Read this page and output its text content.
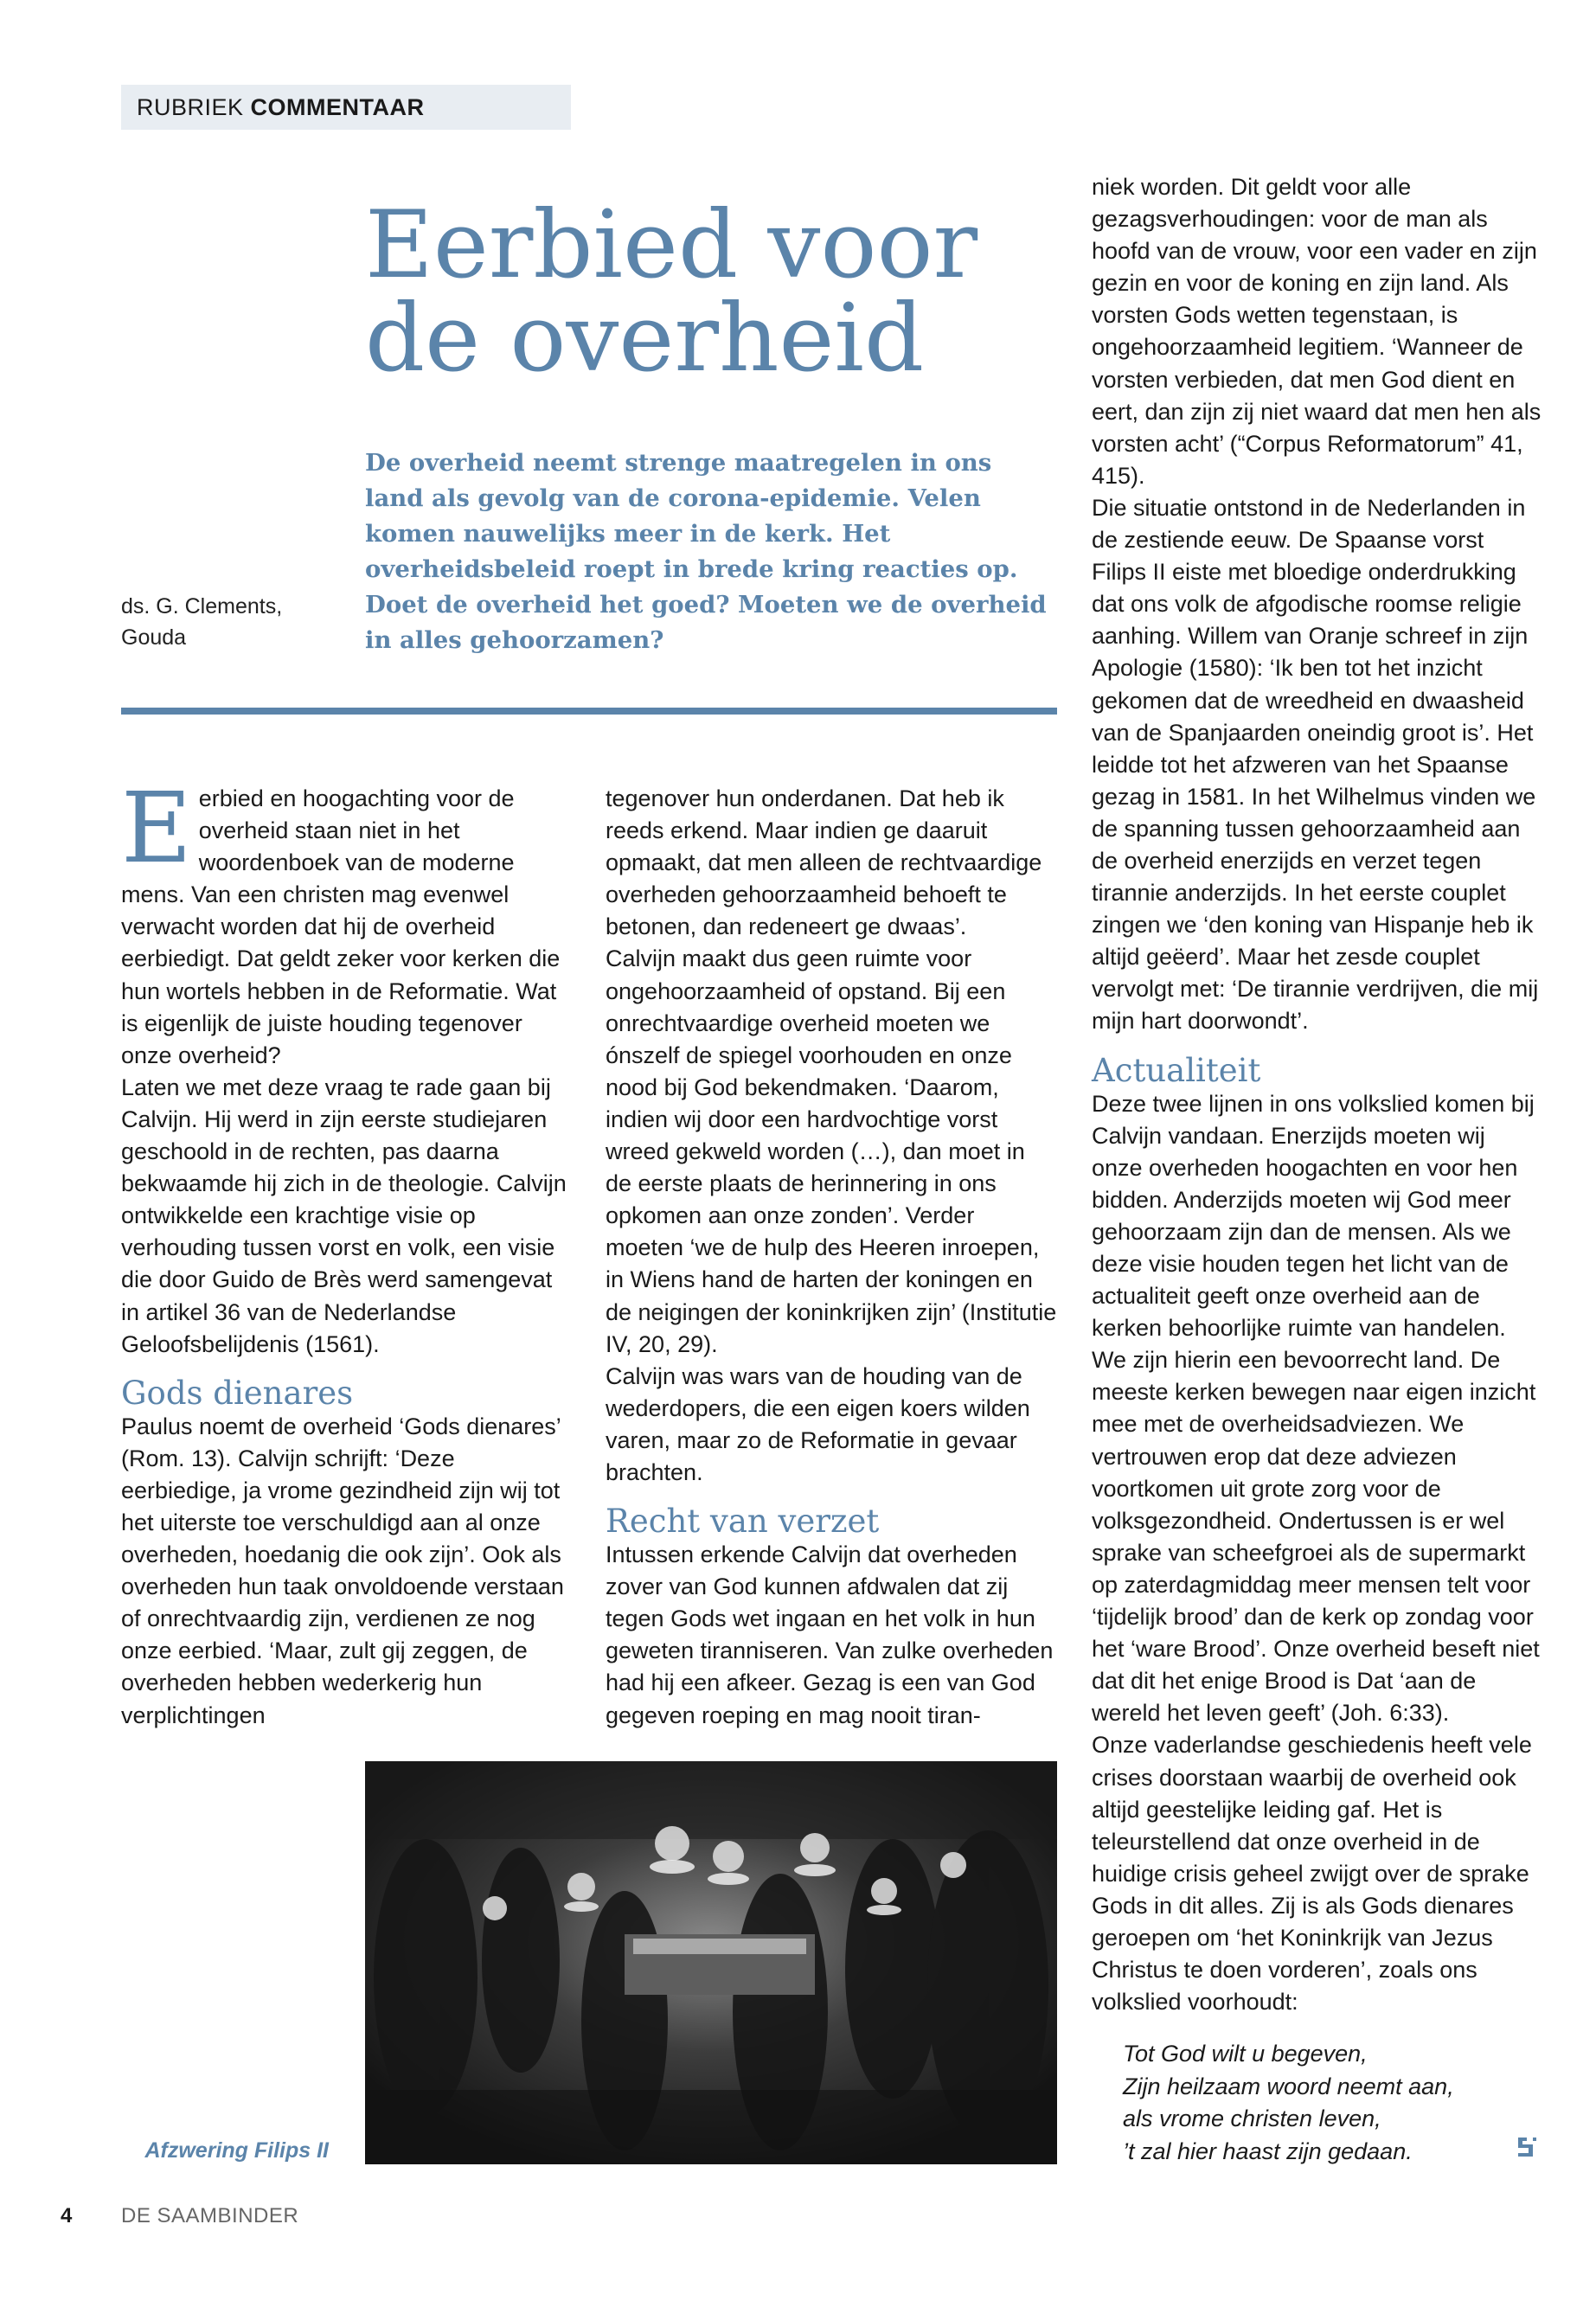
RUBRIEK COMMENTAAR
Eerbied voor
de overheid
De overheid neemt strenge maatregelen in ons land als gevolg van de corona-epidemie. Velen komen nauwelijks meer in de kerk. Het overheidsbeleid roept in brede kring reacties op. Doet de overheid het goed? Moeten we de overheid in alles gehoorzamen?
ds. G. Clements,
Gouda

Eerbied en hoogachting voor de overheid staan niet in het woordenboek van de moderne mens. Van een christen mag evenwel verwacht worden dat hij de overheid eerbiedigt. Dat geldt zeker voor kerken die hun wortels hebben in de Reformatie. Wat is eigenlijk de juiste houding tegenover onze overheid?

Laten we met deze vraag te rade gaan bij Calvijn. Hij werd in zijn eerste studiejaren geschoold in de rechten, pas daarna bekwaamde hij zich in de theologie. Calvijn ontwikkelde een krachtige visie op verhouding tussen vorst en volk, een visie die door Guido de Brès werd samengevat in artikel 36 van de Nederlandse Geloofsbelijdenis (1561).

Gods dienares

Paulus noemt de overheid ‘Gods dienares’ (Rom. 13). Calvijn schrijft: ‘Deze eerbiedige, ja vrome gezindheid zijn wij tot het uiterste toe verschuldigd aan al onze overheden, hoedanig die ook zijn’. Ook als overheden hun taak onvoldoende verstaan of onrechtvaardig zijn, verdienen ze nog onze eerbied. ‘Maar, zult gij zeggen, de overheden hebben wederkerig hun verplichtingen

tegenover hun onderdanen. Dat heb ik reeds erkend. Maar indien ge daaruit opmaakt, dat men alleen de rechtvaardige overheden gehoorzaamheid behoeft te betonen, dan redeneert ge dwaas’.

Calvijn maakt dus geen ruimte voor ongehoorzaamheid of opstand. Bij een onrechtvaardige overheid moeten we ónszelf de spiegel voorhouden en onze nood bij God bekendmaken. ‘Daarom, indien wij door een hardvochtige vorst wreed gekweld worden (…), dan moet in de eerste plaats de herinnering in ons opkomen aan onze zonden’. Verder moeten ‘we de hulp des Heeren inroepen, in Wiens hand de harten der koningen en de neigingen der koninkrijken zijn’ (Institutie IV, 20, 29).

Calvijn was wars van de houding van de wederdopers, die een eigen koers wilden varen, maar zo de Reformatie in gevaar brachten.

Recht van verzet

Intussen erkende Calvijn dat overheden zover van God kunnen afdwalen dat zij tegen Gods wet ingaan en het volk in hun geweten tiranniseren. Van zulke overheden had hij een afkeer. Gezag is een van God gegeven roeping en mag nooit tiran-

niek worden. Dit geldt voor alle gezagsverhoudingen: voor de man als hoofd van de vrouw, voor een vader en zijn gezin en voor de koning en zijn land. Als vorsten Gods wetten tegenstaan, is ongehoorzaamheid legitiem. ‘Wanneer de vorsten verbieden, dat men God dient en eert, dan zijn zij niet waard dat men hen als vorsten acht’ (“Corpus Reformatorum” 41, 415).

Die situatie ontstond in de Nederlanden in de zestiende eeuw. De Spaanse vorst Filips II eiste met bloedige onderdrukking dat ons volk de afgodische roomse religie aanhing. Willem van Oranje schreef in zijn Apologie (1580): ‘Ik ben tot het inzicht gekomen dat de wreedheid en dwaasheid van de Spanjaarden oneindig groot is’. Het leidde tot het afzweren van het Spaanse gezag in 1581. In het Wilhelmus vinden we de spanning tussen gehoorzaamheid aan de overheid enerzijds en verzet tegen tirannie anderzijds. In het eerste couplet zingen we ‘den koning van Hispanje heb ik altijd geëerd’. Maar het zesde couplet vervolgt met: ‘De tirannie verdrijven, die mij mijn hart doorwondt’.

Actualiteit

Deze twee lijnen in ons volkslied komen bij Calvijn vandaan. Enerzijds moeten wij onze overheden hoogachten en voor hen bidden. Anderzijds moeten wij God meer gehoorzaam zijn dan de mensen. Als we deze visie houden tegen het licht van de actualiteit geeft onze overheid aan de kerken behoorlijke ruimte van handelen. We zijn hierin een bevoorrecht land. De meeste kerken bewegen naar eigen inzicht mee met de overheidsadviezen. We vertrouwen erop dat deze adviezen voortkomen uit grote zorg voor de volksgezondheid. Ondertussen is er wel sprake van scheefgroei als de supermarkt op zaterdagmiddag meer mensen telt voor ‘tijdelijk brood’ dan de kerk op zondag voor het ‘ware Brood’. Onze overheid beseft niet dat dit het enige Brood is Dat ‘aan de wereld het leven geeft’ (Joh. 6:33).

Onze vaderlandse geschiedenis heeft vele crises doorstaan waarbij de overheid ook altijd geestelijke leiding gaf. Het is teleurstellend dat onze overheid in de huidige crisis geheel zwijgt over de sprake Gods in dit alles. Zij is als Gods dienares geroepen om ‘het Koninkrijk van Jezus Christus te doen vorderen’, zoals ons volkslied voorhoudt:

Tot God wilt u begeven,
Zijn heilzaam woord neemt aan,
als vrome christen leven,
’t zal hier haast zijn gedaan.
Afzwering Filips II
4 DE SAAMBINDER
